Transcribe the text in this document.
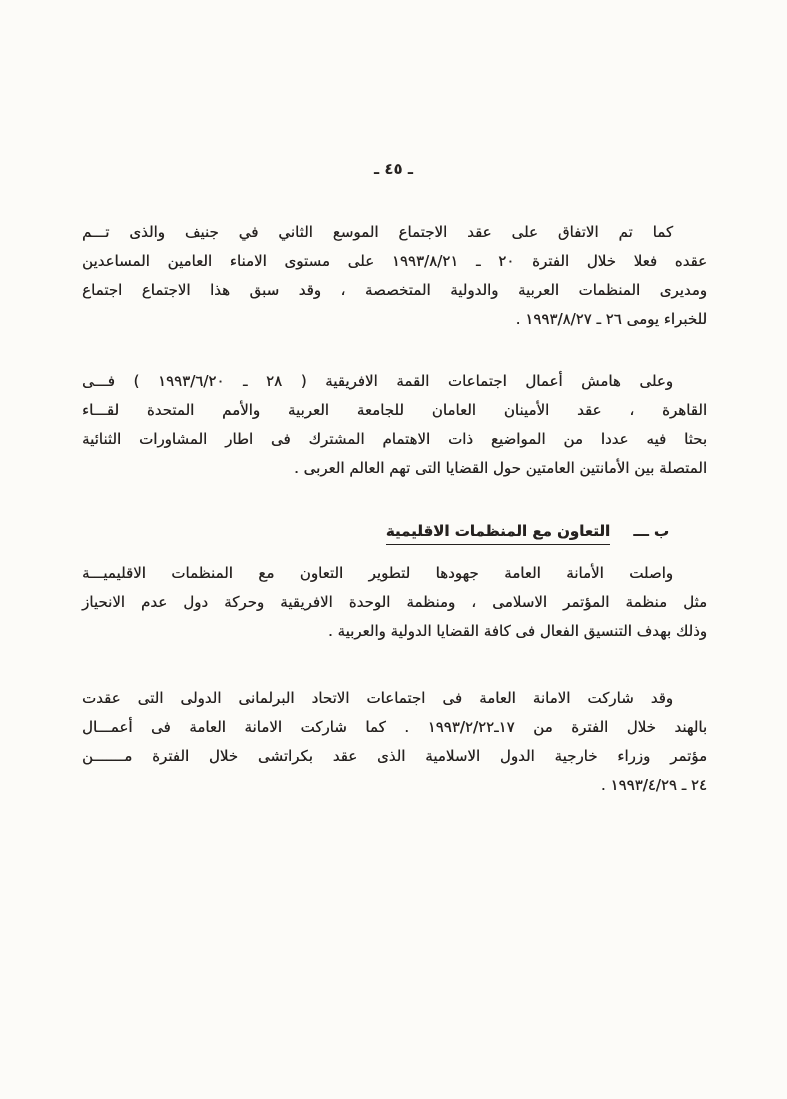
ـ ٤٥ ـ
كما تم الاتفاق على عقد الاجتماع الموسع الثاني في جنيف والذى تـــم
عقده فعلا خلال الفترة ٢٠ ـ ١٩٩٣/٨/٢١ على مستوى الامناء العامين المساعدين
ومديرى المنظمات العربية والدولية المتخصصة ، وقد سبق هذا الاجتماع اجتماع
للخبراء يومى ٢٦ ـ ١٩٩٣/٨/٢٧ .
وعلى هامش أعمال اجتماعات القمة الافريقية ( ٢٨ ـ ١٩٩٣/٦/٢٠ ) فـــى
القاهرة ، عقد الأمينان العامان للجامعة العربية والأمم المتحدة لقـــاء
بحثا فيه عددا من المواضيع ذات الاهتمام المشترك فى اطار المشاورات الثنائية
المتصلة بين الأمانتين العامتين حول القضايا التى تهم العالم العربى .
ب ـــ التعاون مع المنظمات الاقليمية
واصلت الأمانة العامة جهودها لتطوير التعاون مع المنظمات الاقليميـــة
مثل منظمة المؤتمر الاسلامى ، ومنظمة الوحدة الافريقية وحركة دول عدم الانحياز
وذلك بهدف التنسيق الفعال فى كافة القضايا الدولية والعربية .
وقد شاركت الامانة العامة فى اجتماعات الاتحاد البرلمانى الدولى التى عقدت
بالهند خلال الفترة من ١٧ـ١٩٩٣/٢/٢٢ . كما شاركت الامانة العامة فى أعمـــال
مؤتمر وزراء خارجية الدول الاسلامية الذى عقد بكراتشى خلال الفترة مـــــــن
٢٤ ـ ١٩٩٣/٤/٢٩ .
